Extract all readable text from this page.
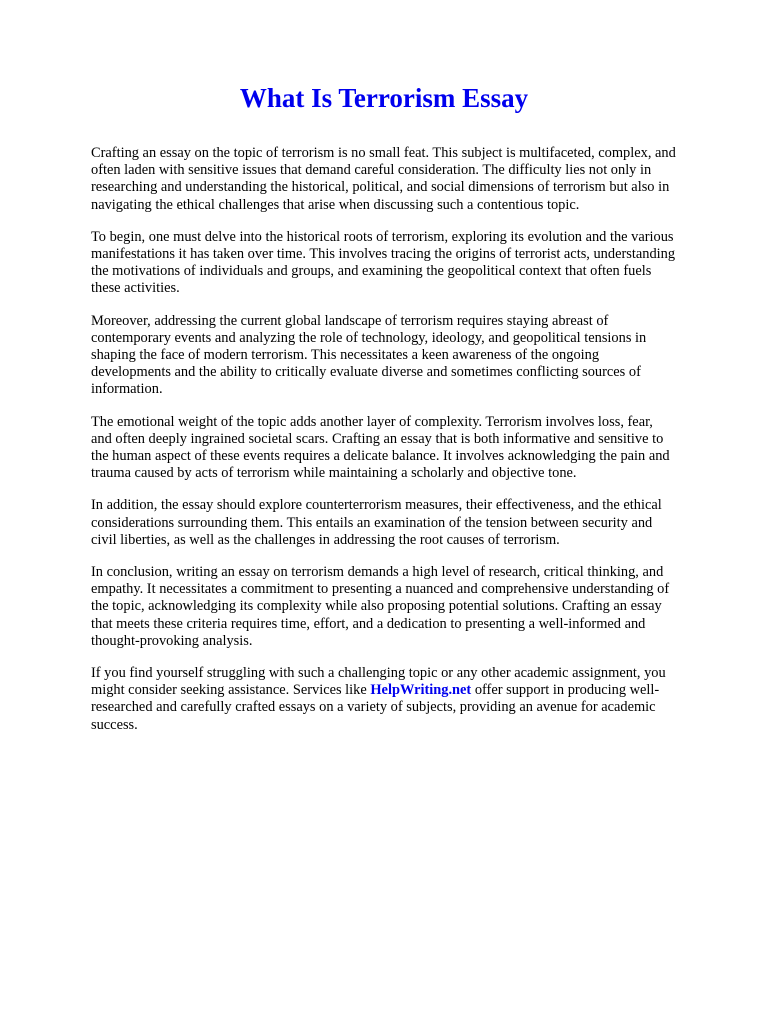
What Is Terrorism Essay

Crafting an essay on the topic of terrorism is no small feat. This subject is multifaceted, complex, and often laden with sensitive issues that demand careful consideration. The difficulty lies not only in researching and understanding the historical, political, and social dimensions of terrorism but also in navigating the ethical challenges that arise when discussing such a contentious topic.

To begin, one must delve into the historical roots of terrorism, exploring its evolution and the various manifestations it has taken over time. This involves tracing the origins of terrorist acts, understanding the motivations of individuals and groups, and examining the geopolitical context that often fuels these activities.

Moreover, addressing the current global landscape of terrorism requires staying abreast of contemporary events and analyzing the role of technology, ideology, and geopolitical tensions in shaping the face of modern terrorism. This necessitates a keen awareness of the ongoing developments and the ability to critically evaluate diverse and sometimes conflicting sources of information.

The emotional weight of the topic adds another layer of complexity. Terrorism involves loss, fear, and often deeply ingrained societal scars. Crafting an essay that is both informative and sensitive to the human aspect of these events requires a delicate balance. It involves acknowledging the pain and trauma caused by acts of terrorism while maintaining a scholarly and objective tone.

In addition, the essay should explore counterterrorism measures, their effectiveness, and the ethical considerations surrounding them. This entails an examination of the tension between security and civil liberties, as well as the challenges in addressing the root causes of terrorism.

In conclusion, writing an essay on terrorism demands a high level of research, critical thinking, and empathy. It necessitates a commitment to presenting a nuanced and comprehensive understanding of the topic, acknowledging its complexity while also proposing potential solutions. Crafting an essay that meets these criteria requires time, effort, and a dedication to presenting a well-informed and thought-provoking analysis.

If you find yourself struggling with such a challenging topic or any other academic assignment, you might consider seeking assistance. Services like HelpWriting.net offer support in producing well-researched and carefully crafted essays on a variety of subjects, providing an avenue for academic success.
